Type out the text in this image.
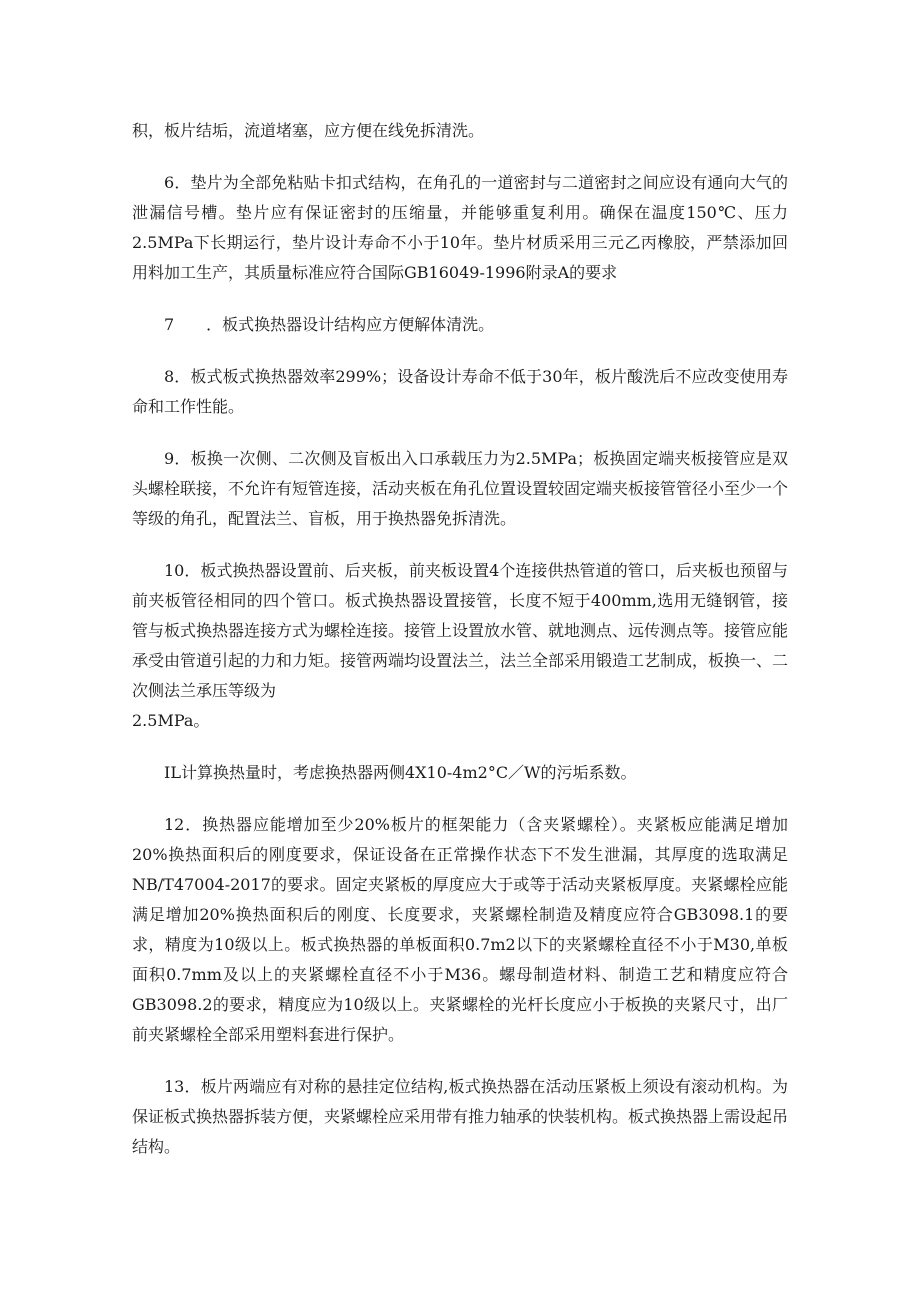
积，板片结垢，流道堵塞，应方便在线免拆清洗。

6．垫片为全部免粘贴卡扣式结构，在角孔的一道密封与二道密封之间应设有通向大气的泄漏信号槽。垫片应有保证密封的压缩量，并能够重复利用。确保在温度150℃、压力2.5MPa下长期运行，垫片设计寿命不小于10年。垫片材质采用三元乙丙橡胶，严禁添加回用料加工生产，其质量标准应符合国际GB16049-1996附录A的要求

7　　．板式换热器设计结构应方便解体清洗。

8．板式板式换热器效率299%；设备设计寿命不低于30年，板片酸洗后不应改变使用寿命和工作性能。

9．板换一次侧、二次侧及盲板出入口承载压力为2.5MPa；板换固定端夹板接管应是双头螺栓联接，不允许有短管连接，活动夹板在角孔位置设置较固定端夹板接管管径小至少一个等级的角孔，配置法兰、盲板，用于换热器免拆清洗。

10．板式换热器设置前、后夹板，前夹板设置4个连接供热管道的管口，后夹板也预留与前夹板管径相同的四个管口。板式换热器设置接管，长度不短于400mm,选用无缝钢管，接管与板式换热器连接方式为螺栓连接。接管上设置放水管、就地测点、远传测点等。接管应能承受由管道引起的力和力矩。接管两端均设置法兰，法兰全部采用锻造工艺制成，板换一、二次侧法兰承压等级为

2.5MPa。

IL计算换热量时，考虑换热器两侧4X10-4m2°C／W的污垢系数。

12．换热器应能增加至少20%板片的框架能力（含夹紧螺栓）。夹紧板应能满足增加20%换热面积后的刚度要求，保证设备在正常操作状态下不发生泄漏，其厚度的选取满足NB/T47004-2017的要求。固定夹紧板的厚度应大于或等于活动夹紧板厚度。夹紧螺栓应能满足增加20%换热面积后的刚度、长度要求，夹紧螺栓制造及精度应符合GB3098.1的要求，精度为10级以上。板式换热器的单板面积0.7m2以下的夹紧螺栓直径不小于M30,单板面积0.7mm及以上的夹紧螺栓直径不小于M36。螺母制造材料、制造工艺和精度应符合GB3098.2的要求，精度应为10级以上。夹紧螺栓的光杆长度应小于板换的夹紧尺寸，出厂前夹紧螺栓全部采用塑料套进行保护。

13．板片两端应有对称的悬挂定位结构,板式换热器在活动压紧板上须设有滚动机构。为保证板式换热器拆装方便，夹紧螺栓应采用带有推力轴承的快装机构。板式换热器上需设起吊结构。
